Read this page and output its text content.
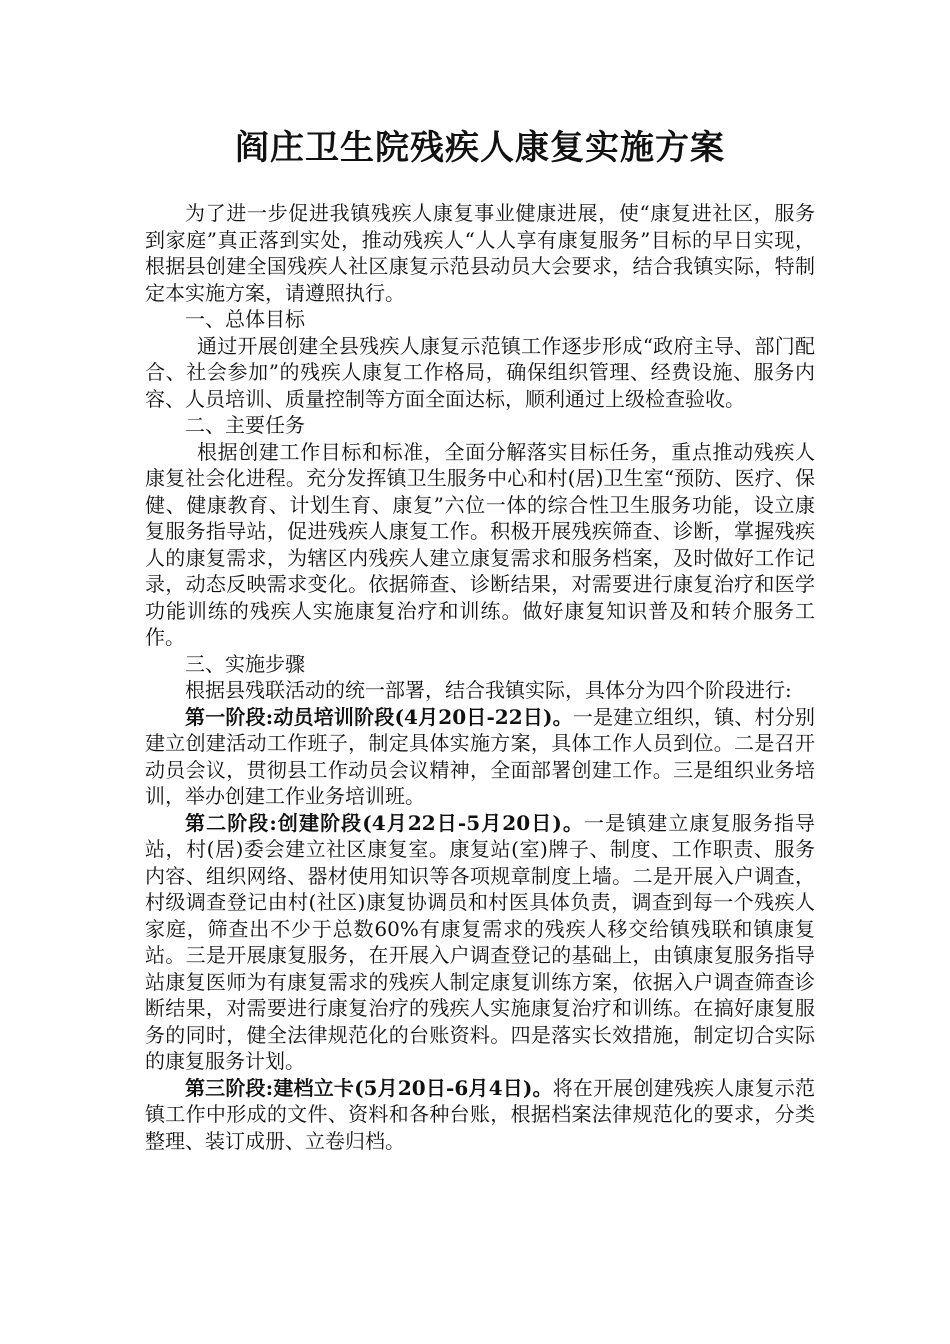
阎庄卫生院残疾人康复实施方案

为了进一步促进我镇残疾人康复事业健康进展，使“康复进社区，服务到家庭”真正落到实处，推动残疾人“人人享有康复服务”目标的早日实现，根据县创建全国残疾人社区康复示范县动员大会要求，结合我镇实际，特制定本实施方案，请遵照执行。

一、总体目标

通过开展创建全县残疾人康复示范镇工作逐步形成“政府主导、部门配合、社会参加”的残疾人康复工作格局，确保组织管理、经费设施、服务内容、人员培训、质量控制等方面全面达标，顺利通过上级检查验收。

二、主要任务

根据创建工作目标和标准，全面分解落实目标任务，重点推动残疾人康复社会化进程。充分发挥镇卫生服务中心和村(居)卫生室“预防、医疗、保健、健康教育、计划生育、康复”六位一体的综合性卫生服务功能，设立康复服务指导站，促进残疾人康复工作。积极开展残疾筛查、诊断，掌握残疾人的康复需求，为辖区内残疾人建立康复需求和服务档案，及时做好工作记录，动态反映需求变化。依据筛查、诊断结果，对需要进行康复治疗和医学功能训练的残疾人实施康复治疗和训练。做好康复知识普及和转介服务工作。

三、实施步骤

根据县残联活动的统一部署，结合我镇实际，具体分为四个阶段进行:

第一阶段:动员培训阶段(4月20日-22日)。一是建立组织，镇、村分别建立创建活动工作班子，制定具体实施方案，具体工作人员到位。二是召开动员会议，贯彻县工作动员会议精神，全面部署创建工作。三是组织业务培训，举办创建工作业务培训班。

第二阶段:创建阶段(4月22日-5月20日)。一是镇建立康复服务指导站，村(居)委会建立社区康复室。康复站(室)牌子、制度、工作职责、服务内容、组织网络、器材使用知识等各项规章制度上墙。二是开展入户调查，村级调查登记由村(社区)康复协调员和村医具体负责，调查到每一个残疾人家庭，筛查出不少于总数60%有康复需求的残疾人移交给镇残联和镇康复站。三是开展康复服务，在开展入户调查登记的基础上，由镇康复服务指导站康复医师为有康复需求的残疾人制定康复训练方案，依据入户调查筛查诊断结果，对需要进行康复治疗的残疾人实施康复治疗和训练。在搞好康复服务的同时，健全法律规范化的台账资料。四是落实长效措施，制定切合实际的康复服务计划。

第三阶段:建档立卡(5月20日-6月4日)。将在开展创建残疾人康复示范镇工作中形成的文件、资料和各种台账，根据档案法律规范化的要求，分类整理、装订成册、立卷归档。
